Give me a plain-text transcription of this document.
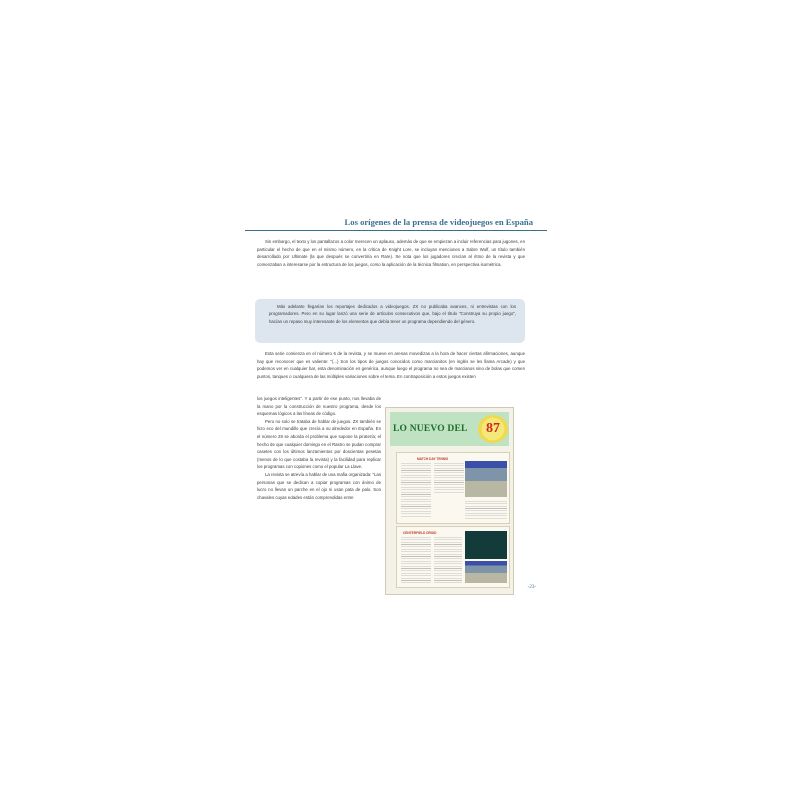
Los orígenes de la prensa de videojuegos en España

Sin embargo, el texto y los pantallazos a color merecen un aplauso, además de que se empiezan a incluir referencias para jugones, en particular el hecho de que en el mismo número, en la crítica de Knight Lore, se incluyan menciones a Sabre Wulf, un título también desarrollado por Ultimate (la que después se convertiría en Rare). Se nota que los jugadores crecían al ritmo de la revista y que comenzaban a interesarse por la estructura de los juegos, como la aplicación de la técnica filmation, en perspectiva isométrica.

Más adelante llegarían los reportajes dedicados a videojuegos. ZX no publicaba avances, ni entrevistas con los programadores. Pero en su lugar lanzó una serie de artículos consecutivos que, bajo el título "Construya su propio juego", hacían un repaso muy interesante de los elementos que debía tener un programa dependiendo del género.

Esta serie comienza en el número 6 de la revista, y se mueve en arenas movedizas a la hora de hacer ciertas afirmaciones, aunque hay que reconocer que es valiente: "(...) Son los tipos de juegos conocidos como marcianitos (en inglés se les llama Arcade) y que podemos ver en cualquier bar, esta denominación es genérica, aunque luego el programa no sea de marcianos sino de bolas que comen puntos, tanques o cualquiera de las múltiples variaciones sobre el tema. En contraposición a estos juegos existen

los juegos inteligentes". Y a partir de ese punto, nos llevaba de la mano por la construcción de nuestro programa, desde los esquemas lógicos a las líneas de código.

Pero no solo se trataba de hablar de juegos. ZX también se hizo eco del mundillo que crecía a su alrededor en España. En el número 28 se aborda el problema que supone la piratería; el hecho de que cualquier domingo en el Rastro se pudan comprar casetes con los últimos lanzamientos por doscientas pesetas (menos de lo que costaba la revista) y la facilidad para replicar los programas con copiones como el popular La Llave.

La revista se atrevía a hablar de una mafia organizada: "Las personas que se dedican a copiar programas con ánimo de lucro no llevan un parche en el ojo ni usan pata de palo. Son chavales cuyas edades están comprendidas entre

LO NUEVO DEL	87
MATCH DAY TENNIS
CENTERFIELD DROID
-23-
